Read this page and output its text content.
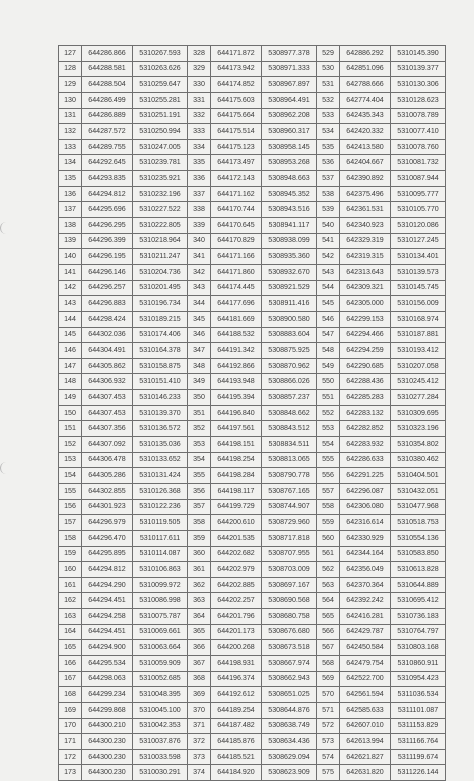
127	644286.866	5310267.593	328	644171.872	5308977.378	529	642886.292	5310145.390
128	644288.581	5310263.626	329	644173.942	5308971.333	530	642851.096	5310139.377
129	644288.504	5310259.647	330	644174.852	5308967.897	531	642788.666	5310130.306
130	644286.499	5310255.281	331	644175.603	5308964.491	532	642774.404	5310128.623
131	644286.889	5310251.191	332	644175.664	5308962.208	533	642435.343	5310078.789
132	644287.572	5310250.994	333	644175.514	5308960.317	534	642420.332	5310077.410
133	644289.755	5310247.005	334	644175.123	5308958.145	535	642413.580	5310078.760
134	644292.645	5310239.781	335	644173.497	5308953.268	536	642404.667	5310081.732
135	644293.835	5310235.921	336	644172.143	5308948.663	537	642390.892	5310087.944
136	644294.812	5310232.196	337	644171.162	5308945.352	538	642375.496	5310095.777
137	644295.696	5310227.522	338	644170.744	5308943.516	539	642361.531	5310105.770
138	644296.295	5310222.805	339	644170.645	5308941.117	540	642340.923	5310120.086
139	644296.399	5310218.964	340	644170.829	5308938.099	541	642329.319	5310127.245
140	644296.195	5310211.247	341	644171.166	5308935.360	542	642319.315	5310134.401
141	644296.146	5310204.736	342	644171.860	5308932.670	543	642313.643	5310139.573
142	644296.257	5310201.495	343	644174.445	5308921.529	544	642309.321	5310145.745
143	644296.883	5310196.734	344	644177.696	5308911.416	545	642305.000	5310156.009
144	644298.424	5310189.215	345	644181.669	5308900.580	546	642299.153	5310168.974
145	644302.036	5310174.406	346	644188.532	5308883.604	547	642294.466	5310187.881
146	644304.491	5310164.378	347	644191.342	5308875.925	548	642294.259	5310193.412
147	644305.862	5310158.875	348	644192.866	5308870.962	549	642290.685	5310207.058
148	644306.932	5310151.410	349	644193.948	5308866.026	550	642288.436	5310245.412
149	644307.453	5310146.233	350	644195.394	5308857.237	551	642285.283	5310277.284
150	644307.453	5310139.370	351	644196.840	5308848.662	552	642283.132	5310309.695
151	644307.356	5310136.572	352	644197.561	5308843.512	553	642282.852	5310323.196
152	644307.092	5310135.036	353	644198.151	5308834.511	554	642283.932	5310354.802
153	644306.478	5310133.652	354	644198.254	5308813.065	555	642286.633	5310380.462
154	644305.286	5310131.424	355	644198.284	5308790.778	556	642291.225	5310404.501
155	644302.855	5310126.368	356	644198.117	5308767.165	557	642296.087	5310432.051
156	644301.923	5310122.236	357	644199.729	5308744.907	558	642306.080	5310477.968
157	644296.979	5310119.505	358	644200.610	5308729.960	559	642316.614	5310518.753
158	644296.470	5310117.611	359	644201.535	5308717.818	560	642330.929	5310554.136
159	644295.895	5310114.087	360	644202.682	5308707.955	561	642344.164	5310583.850
160	644294.812	5310106.863	361	644202.979	5308703.009	562	642356.049	5310613.828
161	644294.290	5310099.972	362	644202.885	5308697.167	563	642370.364	5310644.889
162	644294.451	5310086.998	363	644202.257	5308690.568	564	642392.242	5310695.412
163	644294.258	5310075.787	364	644201.796	5308680.758	565	642416.281	5310736.183
164	644294.451	5310069.661	365	644201.173	5308676.680	566	642429.787	5310764.797
165	644294.900	5310063.664	366	644200.268	5308673.518	567	642450.584	5310803.168
166	644295.534	5310059.909	367	644198.931	5308667.974	568	642479.754	5310860.911
167	644298.063	5310052.685	368	644196.374	5308662.943	569	642522.700	5310954.423
168	644299.234	5310048.395	369	644192.612	5308651.025	570	642561.594	5311036.534
169	644299.868	5310045.100	370	644189.254	5308644.876	571	642585.633	5311101.087
170	644300.210	5310042.353	371	644187.482	5308638.749	572	642607.010	5311153.829
171	644300.230	5310037.876	372	644185.876	5308634.436	573	642613.994	5311166.764
172	644300.230	5310033.598	373	644185.521	5308629.094	574	642621.827	5311199.674
173	644300.230	5310030.291	374	644184.920	5308623.909	575	642631.820	5311226.144
